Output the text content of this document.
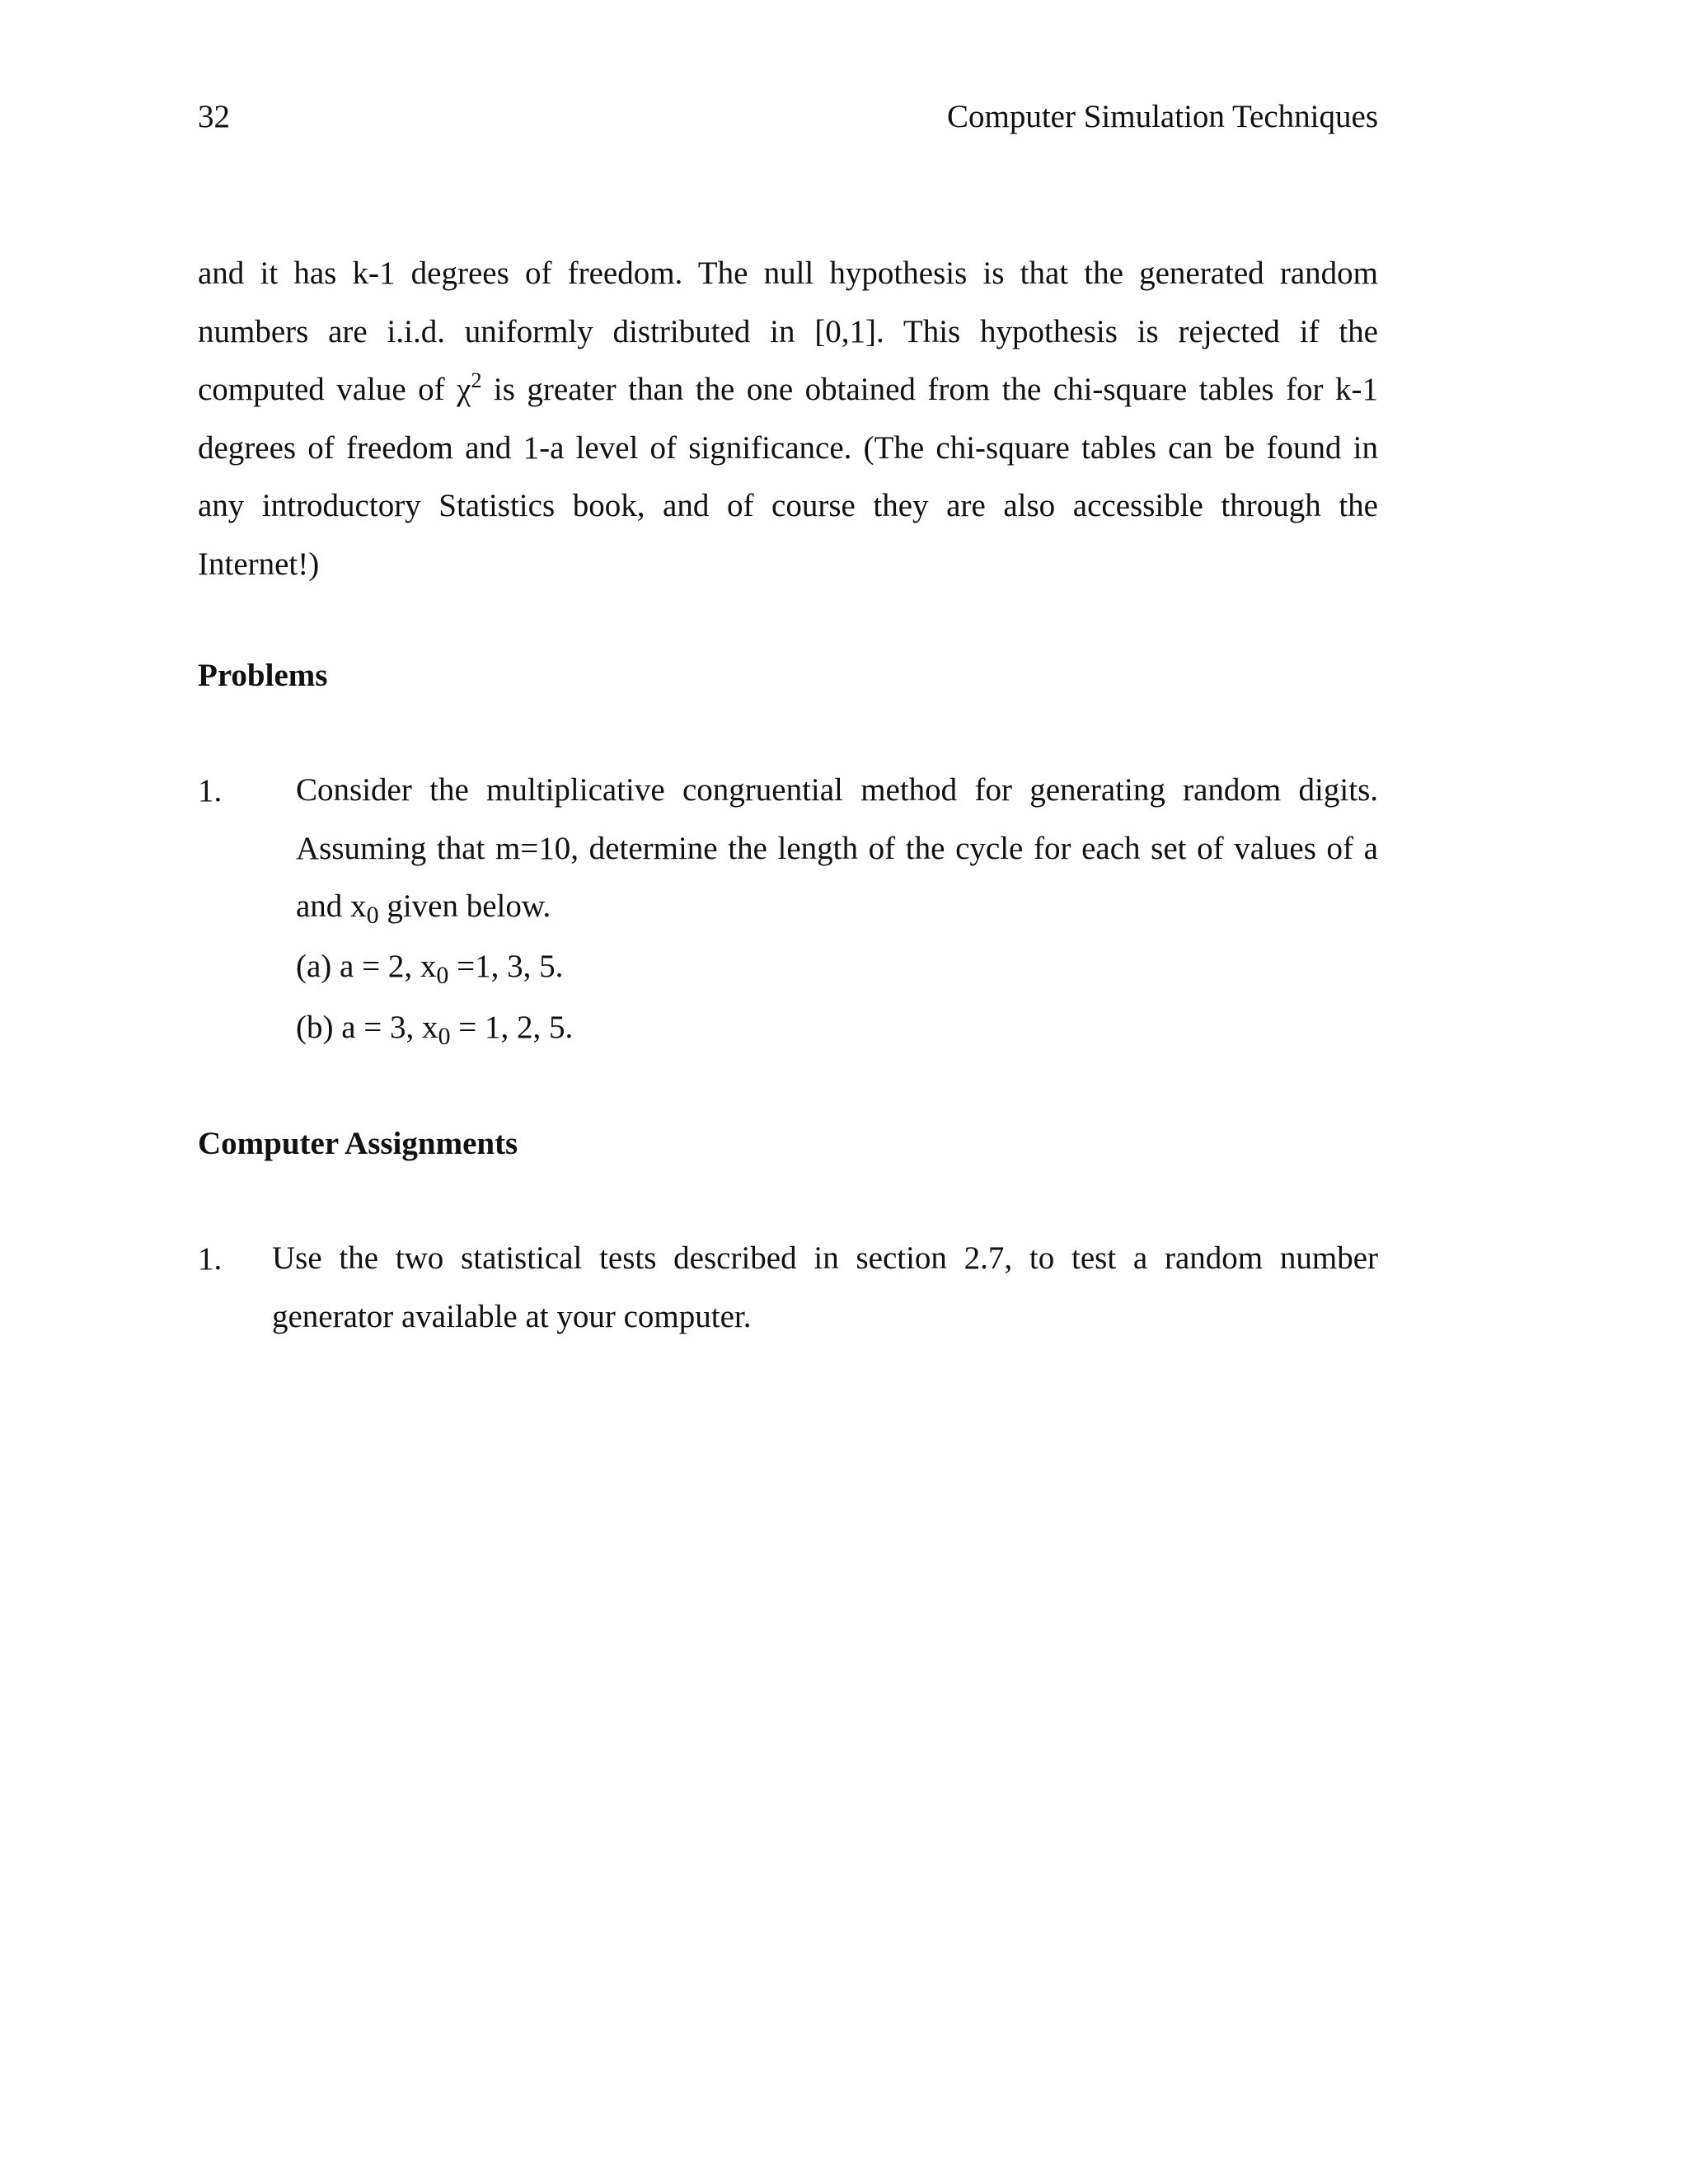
32	Computer Simulation Techniques
and it has k-1 degrees of freedom. The null hypothesis is that the generated random
numbers are i.i.d. uniformly distributed in [0,1]. This hypothesis is rejected if the
computed value of $\chi^2$ is greater than the one obtained from the chi-square tables for k-1
degrees of freedom and 1-a level of significance. (The chi-square tables can be found in
any introductory Statistics book, and of course they are also accessible through the
Internet!)
Problems
1. Consider the multiplicative congruential method for generating random digits.
Assuming that m=10, determine the length of the cycle for each set of values of a
and $x_0$ given below.
(a) a = 2, $x_0 =1$, 3, 5.
(b) a = 3, $x_0 = 1$, 2, 5.
Computer Assignments
1. Use the two statistical tests described in section 2.7, to test a random number
generator available at your computer.
